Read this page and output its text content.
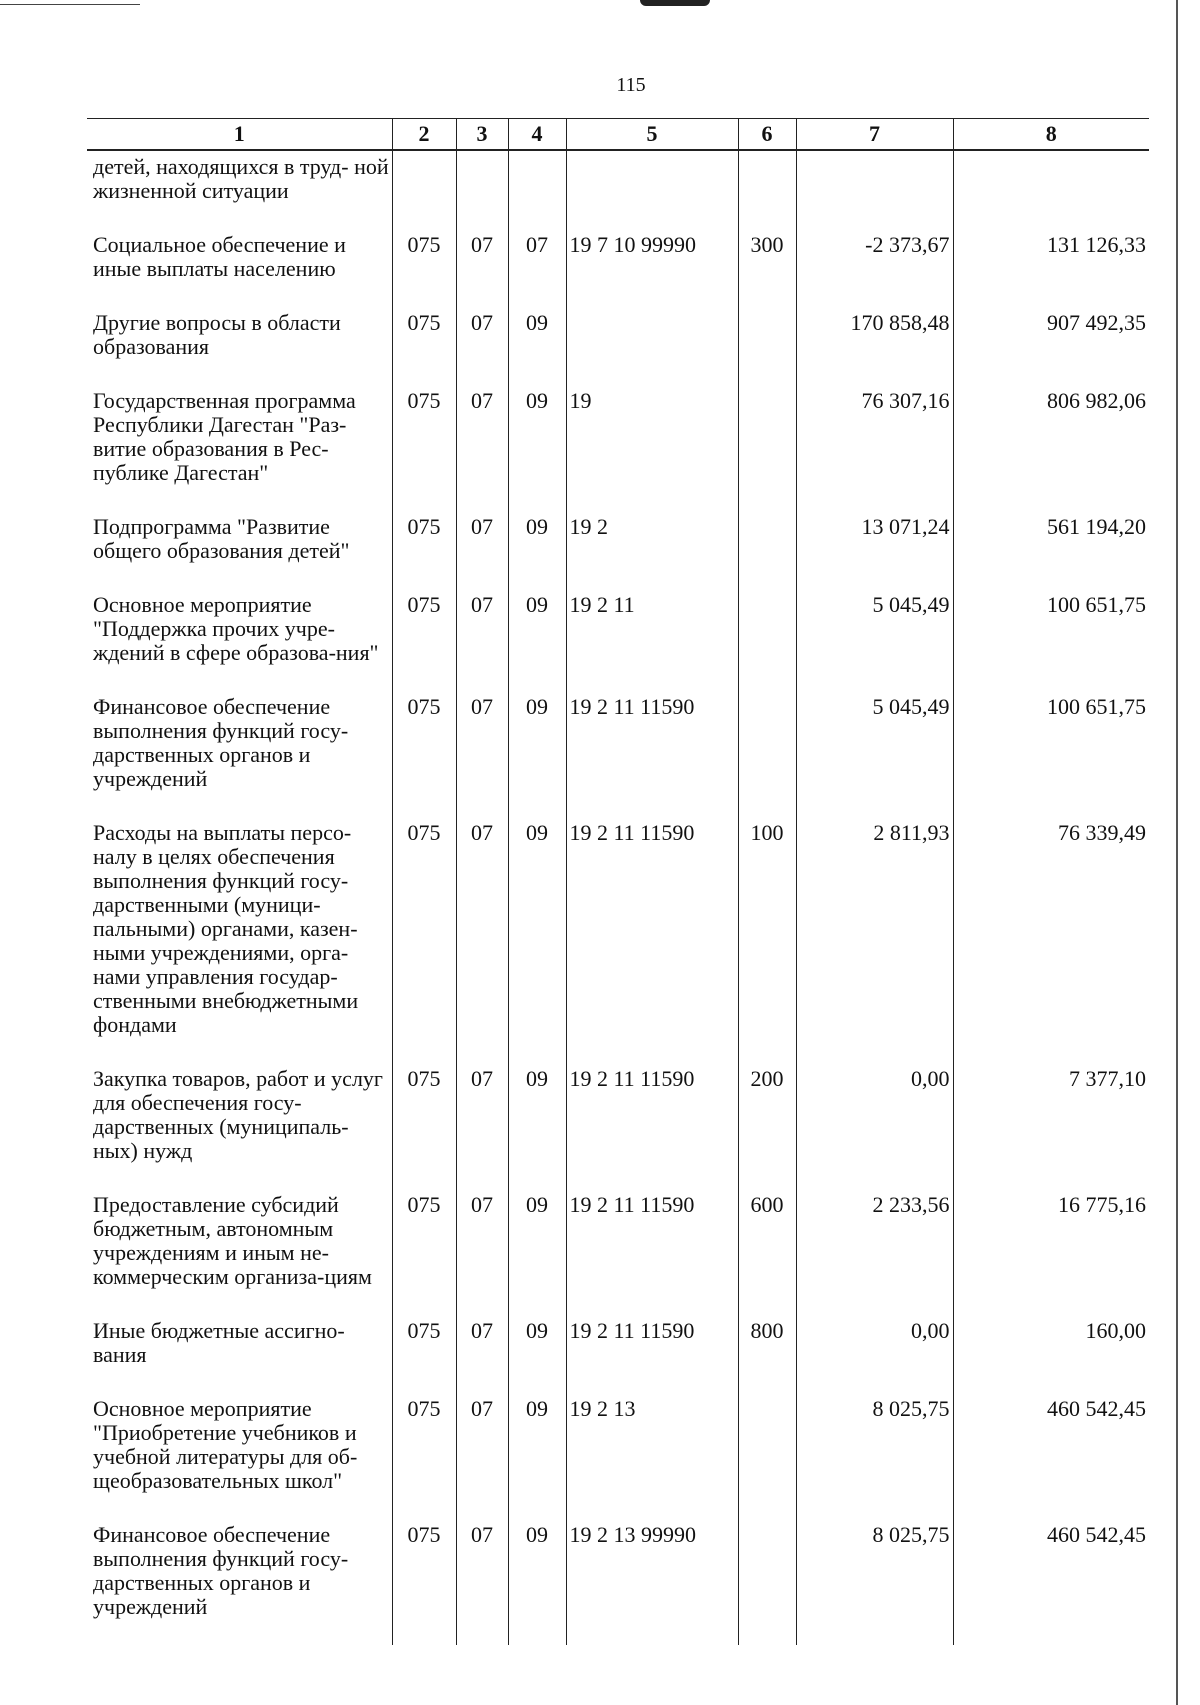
115
1	2	3	4	5	6	7	8
детей, находящихся в труд- ной жизненной ситуации							

Социальное обеспечение и иные выплаты населению	075	07	07	19 7 10 99990	300	-2 373,67	131 126,33

Другие вопросы в области образования	075	07	09			170 858,48	907 492,35

Государственная программа Республики Дагестан "Раз-витие образования в Рес-публике Дагестан"	075	07	09	19		76 307,16	806 982,06

Подпрограмма "Развитие общего образования детей"	075	07	09	19 2		13 071,24	561 194,20

Основное мероприятие "Поддержка прочих учре-ждений в сфере образова-ния"	075	07	09	19 2 11		5 045,49	100 651,75

Финансовое обеспечение выполнения функций госу-дарственных органов и учреждений	075	07	09	19 2 11 11590		5 045,49	100 651,75

Расходы на выплаты персо-налу в целях обеспечения выполнения функций госу-дарственными (муници-пальными) органами, казен-ными учреждениями, орга-нами управления государ-ственными внебюджетными фондами	075	07	09	19 2 11 11590	100	2 811,93	76 339,49

Закупка товаров, работ и услуг для обеспечения госу-дарственных (муниципаль-ных) нужд	075	07	09	19 2 11 11590	200	0,00	7 377,10

Предоставление субсидий бюджетным, автономным учреждениям и иным не-коммерческим организа-циям	075	07	09	19 2 11 11590	600	2 233,56	16 775,16

Иные бюджетные ассигно-вания	075	07	09	19 2 11 11590	800	0,00	160,00

Основное мероприятие "Приобретение учебников и учебной литературы для об-щеобразовательных школ"	075	07	09	19 2 13		8 025,75	460 542,45

Финансовое обеспечение выполнения функций госу-дарственных органов и учреждений	075	07	09	19 2 13 99990		8 025,75	460 542,45
